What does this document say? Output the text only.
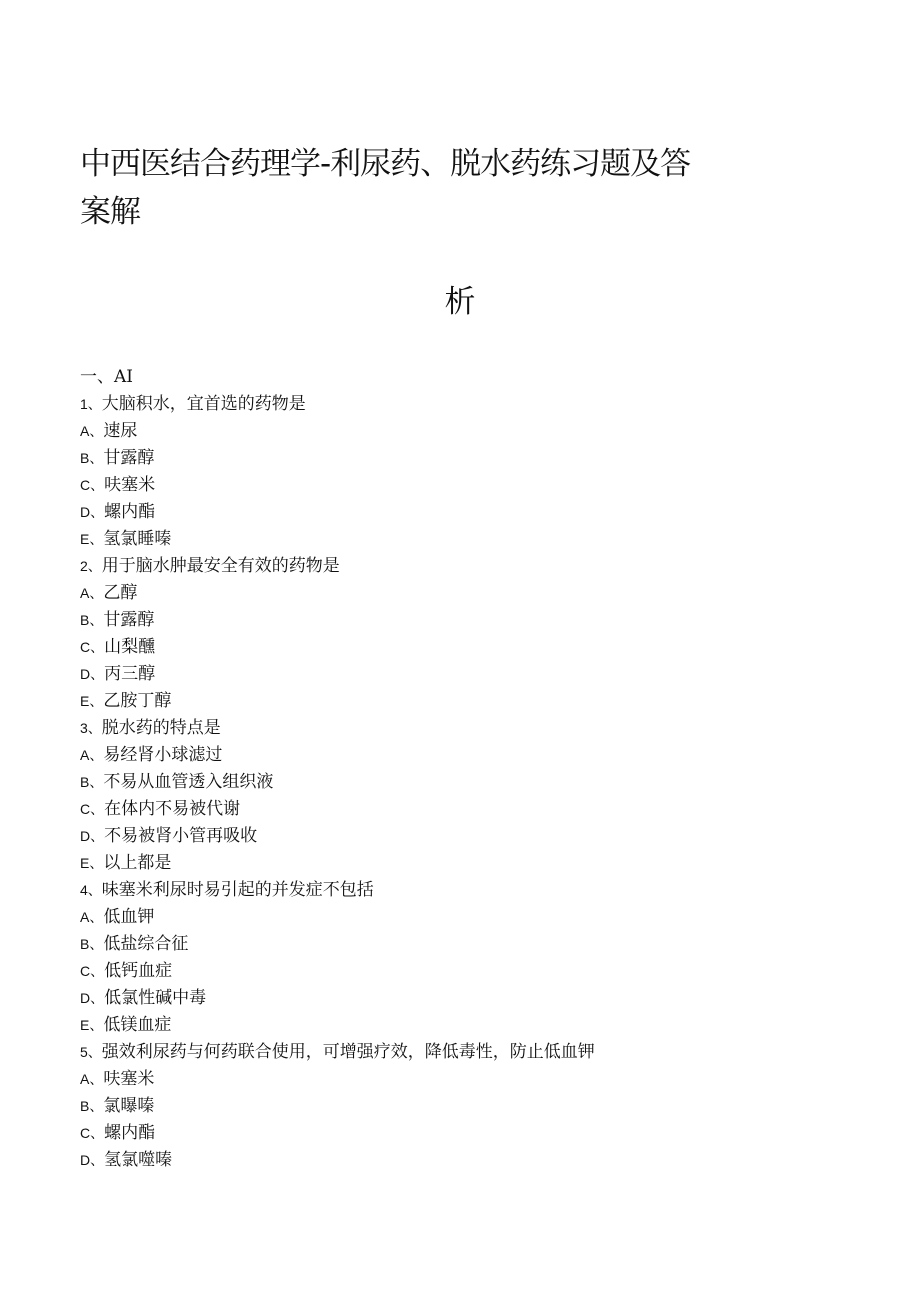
中西医结合药理学-利尿药、脱水药练习题及答案解
析
一、AI
1、大脑积水，宜首选的药物是
A、速尿
B、甘露醇
C、呋塞米
D、螺内酯
E、氢氯睡嗪
2、用于脑水肿最安全有效的药物是
A、乙醇
B、甘露醇
C、山梨醺
D、丙三醇
E、乙胺丁醇
3、脱水药的特点是
A、易经肾小球滤过
B、不易从血管透入组织液
C、在体内不易被代谢
D、不易被肾小管再吸收
E、以上都是
4、味塞米利尿时易引起的并发症不包括
A、低血钾
B、低盐综合征
C、低钙血症
D、低氯性碱中毒
E、低镁血症
5、强效利尿药与何药联合使用，可增强疗效，降低毒性，防止低血钾
A、呋塞米
B、氯曝嗪
C、螺内酯
D、氢氯噬嗪
